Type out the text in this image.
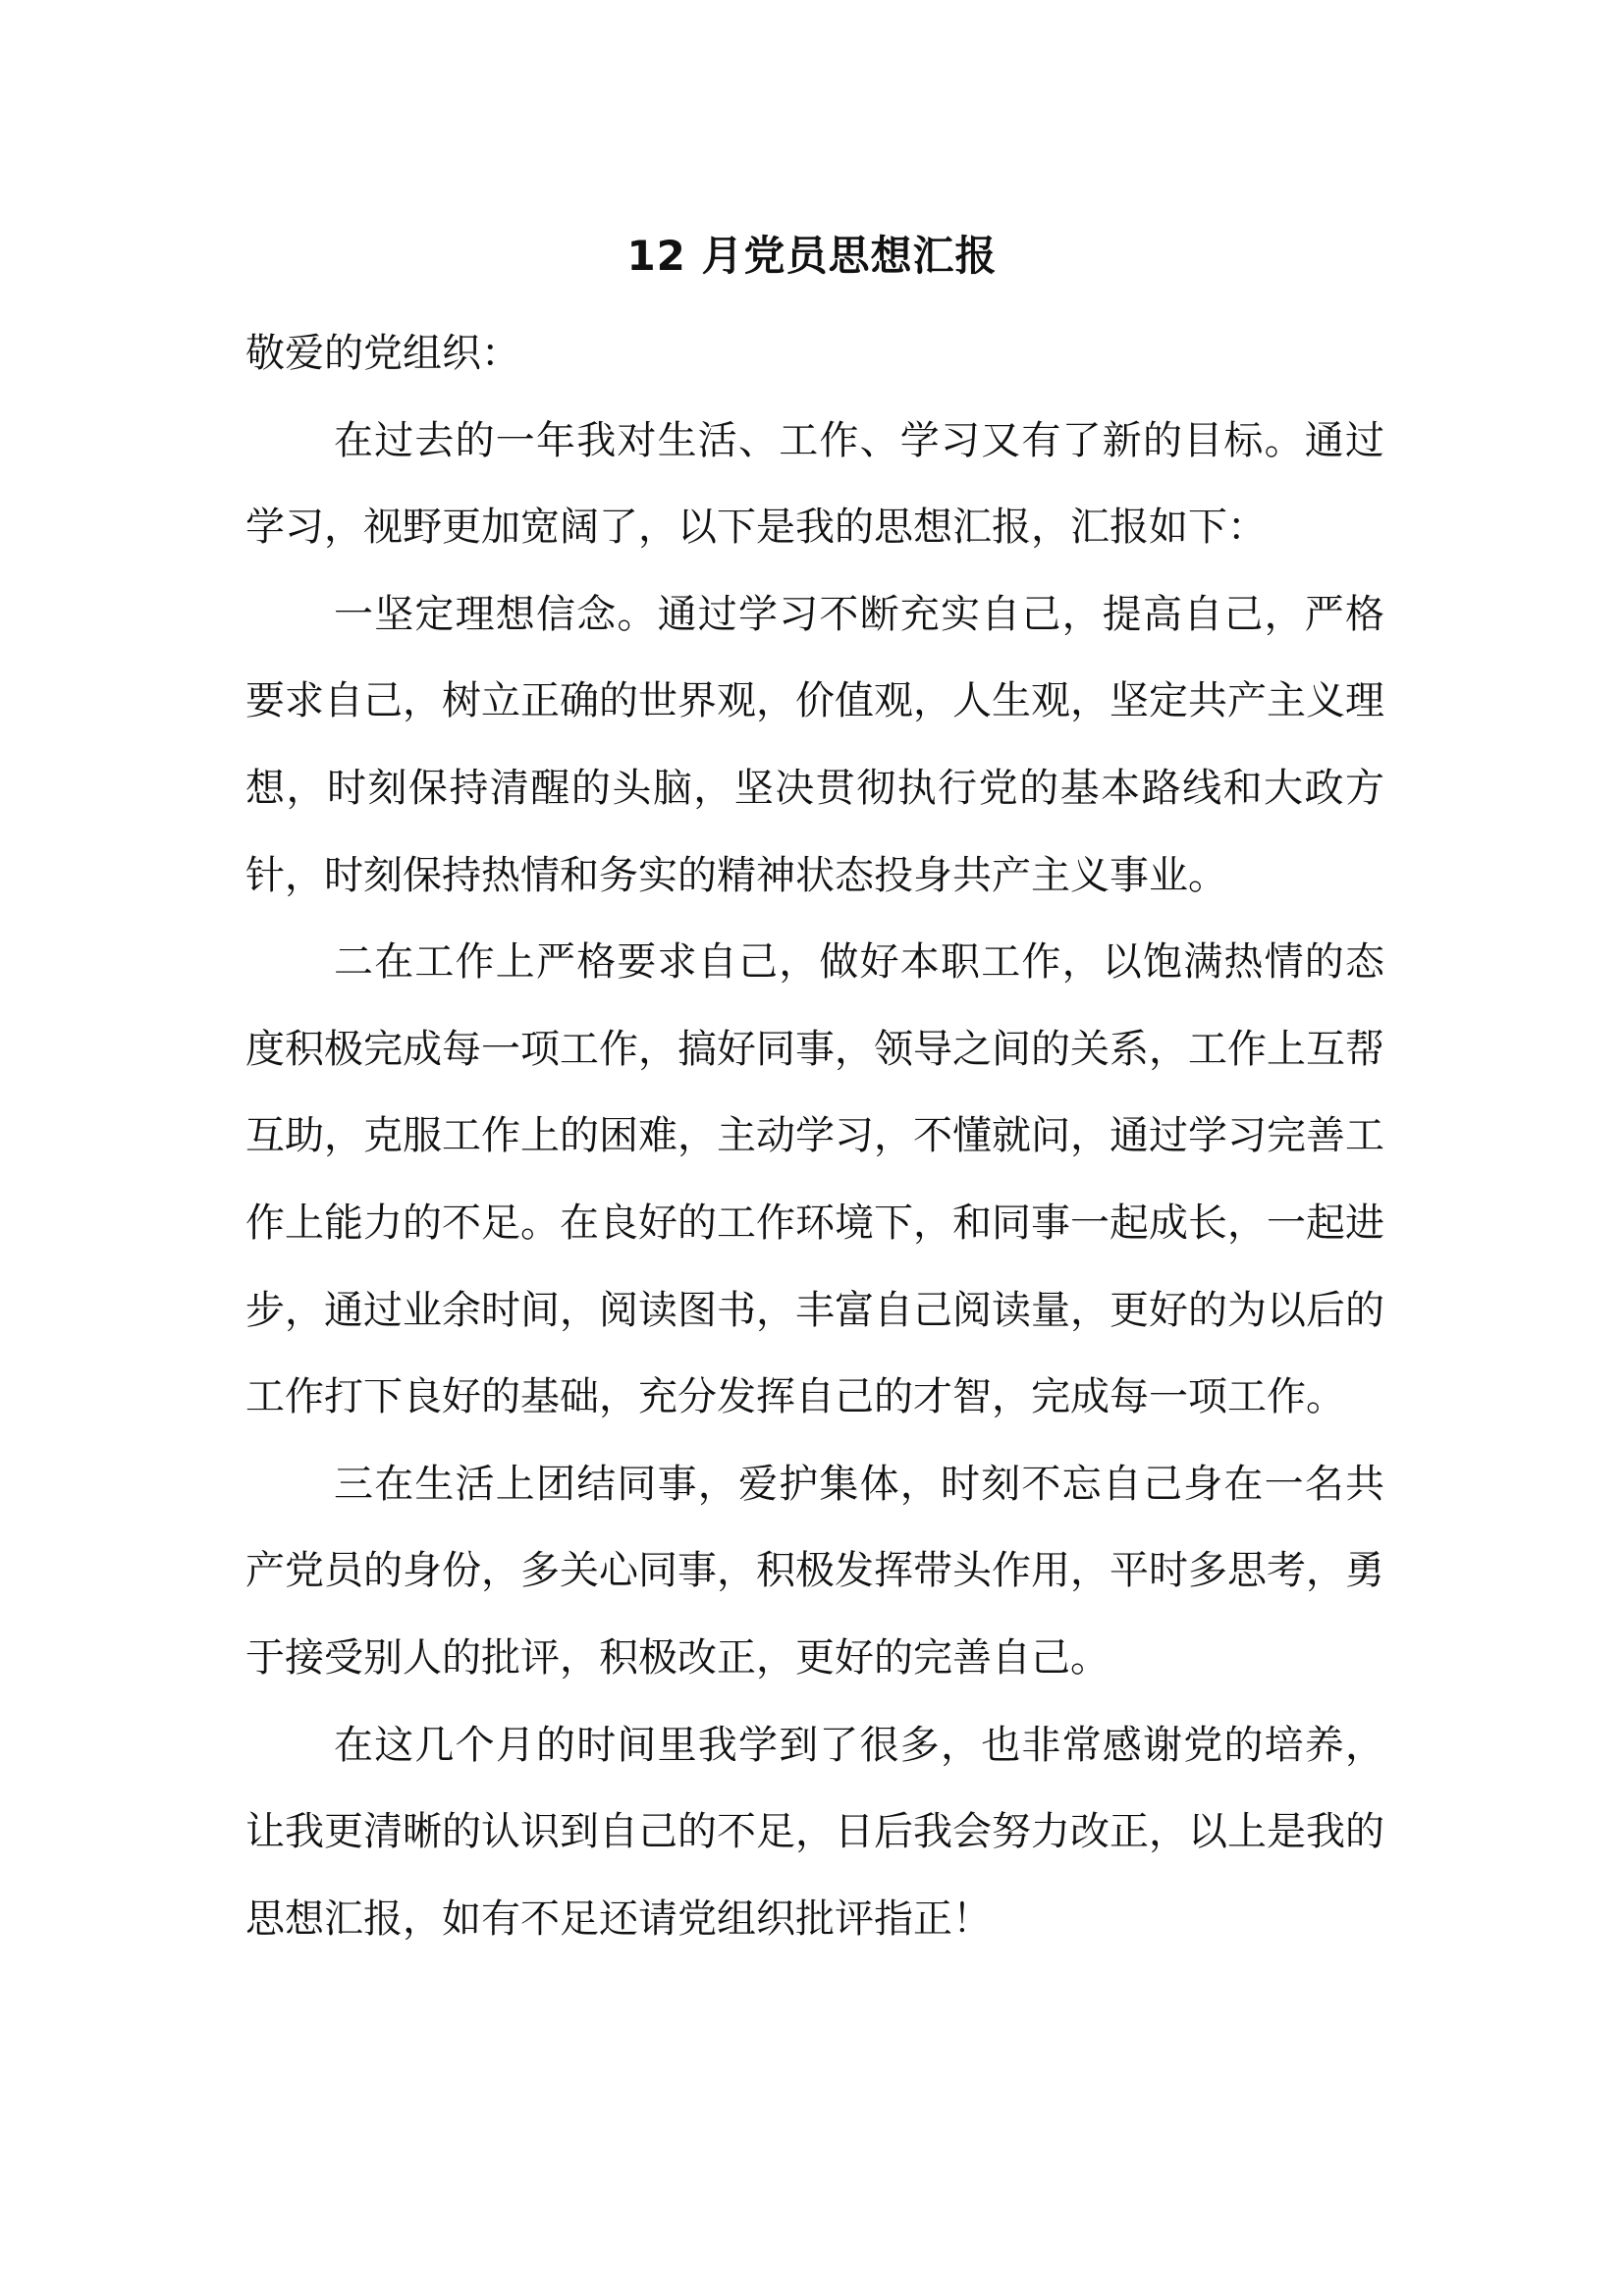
12 月党员思想汇报

敬爱的党组织：

在过去的一年我对生活、工作、学习又有了新的目标。通过学习，视野更加宽阔了，以下是我的思想汇报，汇报如下：

一坚定理想信念。通过学习不断充实自己，提高自己，严格要求自己，树立正确的世界观，价值观，人生观，坚定共产主义理想，时刻保持清醒的头脑，坚决贯彻执行党的基本路线和大政方针，时刻保持热情和务实的精神状态投身共产主义事业。

二在工作上严格要求自己，做好本职工作，以饱满热情的态度积极完成每一项工作，搞好同事，领导之间的关系，工作上互帮互助，克服工作上的困难，主动学习，不懂就问，通过学习完善工作上能力的不足。在良好的工作环境下，和同事一起成长，一起进步，通过业余时间，阅读图书，丰富自己阅读量，更好的为以后的工作打下良好的基础，充分发挥自己的才智，完成每一项工作。

三在生活上团结同事，爱护集体，时刻不忘自己身在一名共产党员的身份，多关心同事，积极发挥带头作用，平时多思考，勇于接受别人的批评，积极改正，更好的完善自己。

在这几个月的时间里我学到了很多，也非常感谢党的培养，让我更清晰的认识到自己的不足，日后我会努力改正，以上是我的思想汇报，如有不足还请党组织批评指正！
